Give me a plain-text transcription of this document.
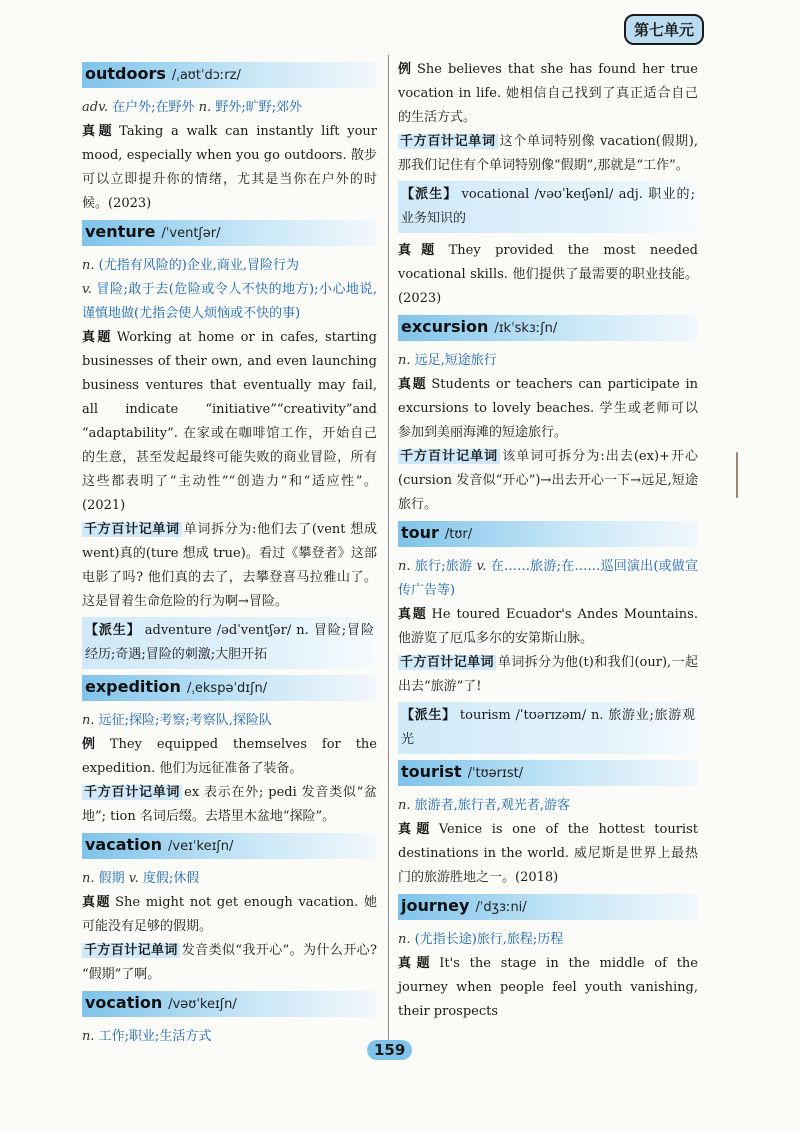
第七单元
outdoors /ˌaʊtˈdɔːrz/

adv. 在户外;在野外 n. 野外;旷野;郊外

真题 Taking a walk can instantly lift your mood, especially when you go outdoors. 散步可以立即提升你的情绪，尤其是当你在户外的时候。(2023)

venture /ˈventʃər/

n. (尤指有风险的)企业,商业,冒险行为

v. 冒险;敢于去(危险或令人不快的地方);小心地说,谨慎地做(尤指会使人烦恼或不快的事)

真题 Working at home or in cafes, starting businesses of their own, and even launching business ventures that eventually may fail, all indicate “initiative”“creativity”and “adaptability”. 在家或在咖啡馆工作，开始自己的生意，甚至发起最终可能失败的商业冒险，所有这些都表明了“主动性”“创造力”和“适应性”。(2021)

千方百计记单词 单词拆分为:他们去了(vent 想成 went)真的(ture 想成 true)。看过《攀登者》这部电影了吗? 他们真的去了，去攀登喜马拉雅山了。这是冒着生命危险的行为啊→冒险。

【派生】 adventure /ədˈventʃər/ n. 冒险;冒险经历;奇遇;冒险的刺激;大胆开拓

expedition /ˌekspəˈdɪʃn/

n. 远征;探险;考察;考察队,探险队

例 They equipped themselves for the expedition. 他们为远征准备了装备。

千方百计记单词 ex 表示在外; pedi 发音类似“盆地”; tion 名词后缀。去塔里木盆地“探险”。

vacation /veɪˈkeɪʃn/

n. 假期 v. 度假;休假

真题 She might not get enough vacation. 她可能没有足够的假期。

千方百计记单词 发音类似“我开心”。为什么开心? “假期”了啊。

vocation /vəʊˈkeɪʃn/

n. 工作;职业;生活方式

例 She believes that she has found her true vocation in life. 她相信自己找到了真正适合自己的生活方式。

千方百计记单词 这个单词特别像 vacation(假期),那我们记住有个单词特别像“假期”,那就是“工作”。

【派生】 vocational /vəʊˈkeɪʃənl/ adj. 职业的;业务知识的

真题 They provided the most needed vocational skills. 他们提供了最需要的职业技能。(2023)

excursion /ɪkˈskɜːʃn/

n. 远足,短途旅行

真题 Students or teachers can participate in excursions to lovely beaches. 学生或老师可以参加到美丽海滩的短途旅行。

千方百计记单词 该单词可拆分为:出去(ex)+开心(cursion 发音似“开心”)→出去开心一下→远足,短途旅行。

tour /tʊr/

n. 旅行;旅游 v. 在……旅游;在……巡回演出(或做宣传广告等)

真题 He toured Ecuador's Andes Mountains. 他游览了厄瓜多尔的安第斯山脉。

千方百计记单词 单词拆分为他(t)和我们(our),一起出去“旅游”了!

【派生】 tourism /ˈtʊərɪzəm/ n. 旅游业;旅游观光

tourist /ˈtʊərɪst/

n. 旅游者,旅行者,观光者,游客

真题 Venice is one of the hottest tourist destinations in the world. 威尼斯是世界上最热门的旅游胜地之一。(2018)

journey /ˈdʒɜːni/

n. (尤指长途)旅行,旅程;历程

真题 It's the stage in the middle of the journey when people feel youth vanishing, their prospects

159
